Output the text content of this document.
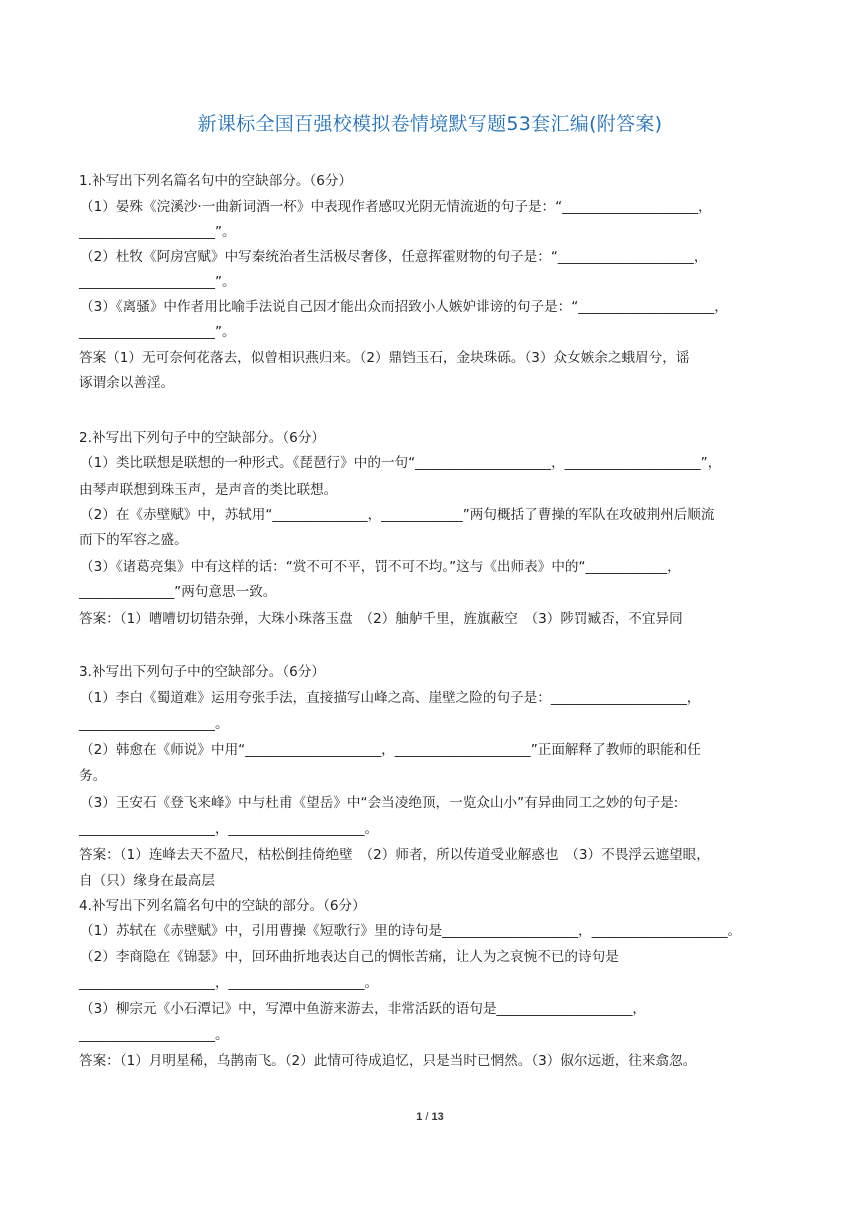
新课标全国百强校模拟卷情境默写题53套汇编(附答案)
1.补写出下列名篇名句中的空缺部分。（6分）
（1）晏殊《浣溪沙·一曲新词酒一杯》中表现作者感叹光阴无情流逝的句子是：“____________________，
____________________”。
（2）杜牧《阿房宫赋》中写秦统治者生活极尽奢侈，任意挥霍财物的句子是：“____________________，
____________________”。
（3）《离骚》中作者用比喻手法说自己因才能出众而招致小人嫉妒诽谤的句子是：“____________________，
____________________”。
答案（1）无可奈何花落去，似曾相识燕归来。（2）鼎铛玉石，金块珠砾。（3）众女嫉余之蛾眉兮，谣
诼谓余以善淫。
2.补写出下列句子中的空缺部分。（6分）
（1）类比联想是联想的一种形式。《琵琶行》中的一句“____________________，____________________”，
由琴声联想到珠玉声，是声音的类比联想。
（2）在《赤壁赋》中，苏轼用“______________，____________”两句概括了曹操的军队在攻破荆州后顺流
而下的军容之盛。
（3）《诸葛亮集》中有这样的话：“赏不可不平，罚不可不均。”这与《出师表》中的“____________，
______________”两句意思一致。
答案：（1）嘈嘈切切错杂弹，大珠小珠落玉盘　（2）舳舻千里，旌旗蔽空　（3）陟罚臧否，不宜异同
3.补写出下列句子中的空缺部分。（6分）
（1）李白《蜀道难》运用夸张手法，直接描写山峰之高、崖壁之险的句子是：____________________，
____________________。
（2）韩愈在《师说》中用“____________________，____________________”正面解释了教师的职能和任
务。
（3）王安石《登飞来峰》中与杜甫《望岳》中“会当凌绝顶，一览众山小”有异曲同工之妙的句子是:
____________________，____________________。
答案：（1）连峰去天不盈尺，枯松倒挂倚绝壁　（2）师者，所以传道受业解惑也　（3）不畏浮云遮望眼，
自（只）缘身在最高层
4.补写出下列名篇名句中的空缺的部分。（6分）
（1）苏轼在《赤壁赋》中，引用曹操《短歌行》里的诗句是____________________，____________________。
（2）李商隐在《锦瑟》中，回环曲折地表达自己的惆怅苦痛，让人为之哀惋不已的诗句是
____________________，____________________。
（3）柳宗元《小石潭记》中，写潭中鱼游来游去，非常活跃的语句是____________________，
____________________。
答案：（1）月明星稀，乌鹊南飞。（2）此情可待成追忆，只是当时已惘然。（3）俶尔远逝，往来翕忽。
1 / 13
